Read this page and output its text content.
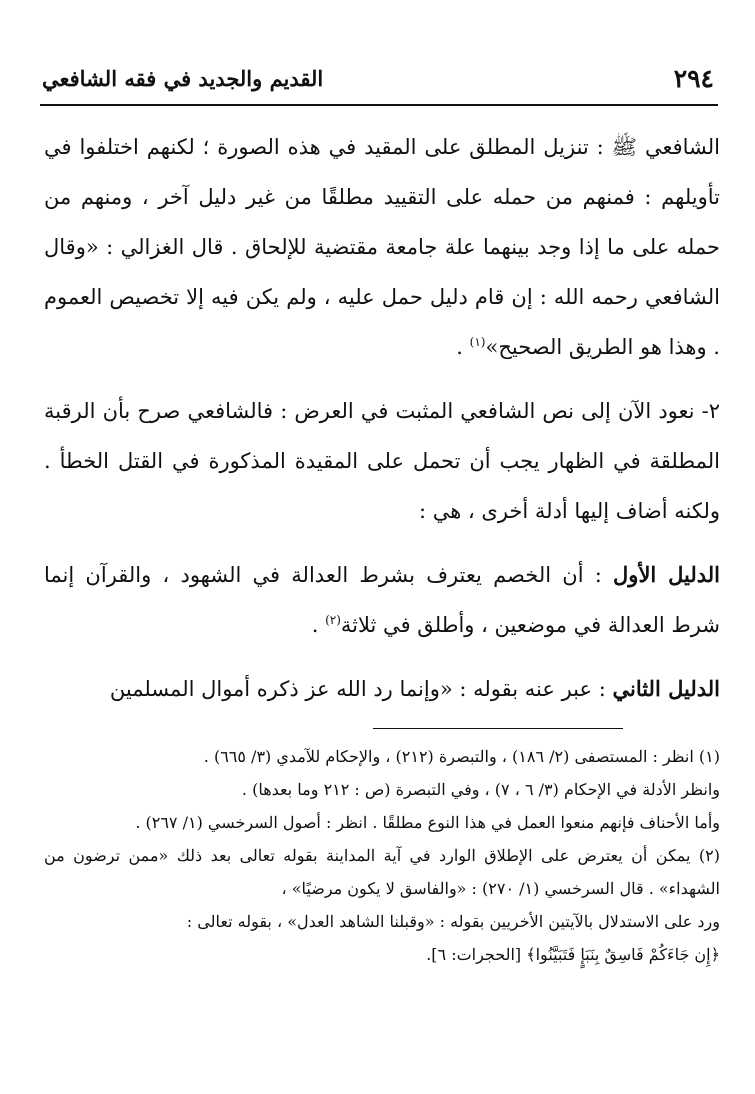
٢٩٤
القديم والجديد في فقه الشافعي

الشافعي ﷺ : تنزيل المطلق على المقيد في هذه الصورة ؛ لكنهم اختلفوا في تأويلهم : فمنهم من حمله على التقييد مطلقًا من غير دليل آخر ، ومنهم من حمله على ما إذا وجد بينهما علة جامعة مقتضية للإلحاق . قال الغزالي : «وقال الشافعي رحمه الله : إن قام دليل حمل عليه ، ولم يكن فيه إلا تخصيص العموم . وهذا هو الطريق الصحيح»$^{(١)}$ .

٢- نعود الآن إلى نص الشافعي المثبت في العرض : فالشافعي صرح بأن الرقبة المطلقة في الظهار يجب أن تحمل على المقيدة المذكورة في القتل الخطأ . ولكنه أضاف إليها أدلة أخرى ، هي :

الدليل الأول : أن الخصم يعترف بشرط العدالة في الشهود ، والقرآن إنما شرط العدالة في موضعين ، وأطلق في ثلاثة$^{(٢)}$ .

الدليل الثاني : عبر عنه بقوله : «وإنما رد الله عز ذكره أموال المسلمين

(١) انظر : المستصفى (٢/ ١٨٦) ، والتبصرة (٢١٢) ، والإحكام للآمدي (٣/ ٦٦٥) .

وانظر الأدلة في الإحكام (٣/ ٦ ، ٧) ، وفي التبصرة (ص : ٢١٢ وما بعدها) .

وأما الأحناف فإنهم منعوا العمل في هذا النوع مطلقًا . انظر : أصول السرخسي (١/ ٢٦٧) .

(٢) يمكن أن يعترض على الإطلاق الوارد في آية المداينة بقوله تعالى بعد ذلك «ممن ترضون من الشهداء» . قال السرخسي (١/ ٢٧٠) : «والفاسق لا يكون مرضيًا» ،

ورد على الاستدلال بالآيتين الأخريين بقوله : «وقبلنا الشاهد العدل» ، بقوله تعالى :

﴿إِن جَاءَكُمْ فَاسِقٌ بِنَبَإٍ فَتَبَيَّنُوا﴾ [الحجرات: ٦].
